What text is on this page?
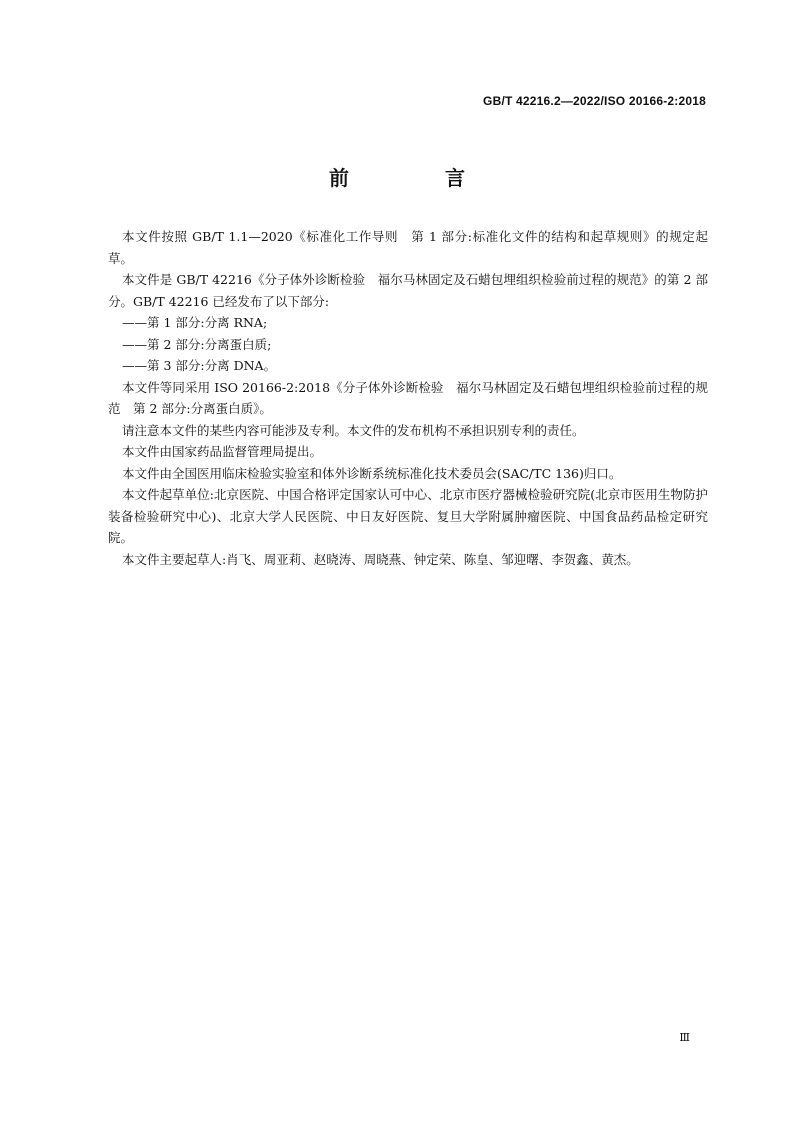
GB/T 42216.2—2022/ISO 20166-2:2018
前　言

本文件按照 GB/T 1.1—2020《标准化工作导则　第 1 部分:标准化文件的结构和起草规则》的规定起草。

本文件是 GB/T 42216《分子体外诊断检验　福尔马林固定及石蜡包埋组织检验前过程的规范》的第 2 部分。GB/T 42216 已经发布了以下部分:

——第 1 部分:分离 RNA;

——第 2 部分:分离蛋白质;

——第 3 部分:分离 DNA。

本文件等同采用 ISO 20166-2:2018《分子体外诊断检验　福尔马林固定及石蜡包埋组织检验前过程的规范　第 2 部分:分离蛋白质》。

请注意本文件的某些内容可能涉及专利。本文件的发布机构不承担识别专利的责任。

本文件由国家药品监督管理局提出。

本文件由全国医用临床检验实验室和体外诊断系统标准化技术委员会(SAC/TC 136)归口。

本文件起草单位:北京医院、中国合格评定国家认可中心、北京市医疗器械检验研究院(北京市医用生物防护装备检验研究中心)、北京大学人民医院、中日友好医院、复旦大学附属肿瘤医院、中国食品药品检定研究院。

本文件主要起草人:肖飞、周亚莉、赵晓涛、周晓燕、钟定荣、陈皇、邹迎曙、李贺鑫、黄杰。

Ⅲ
